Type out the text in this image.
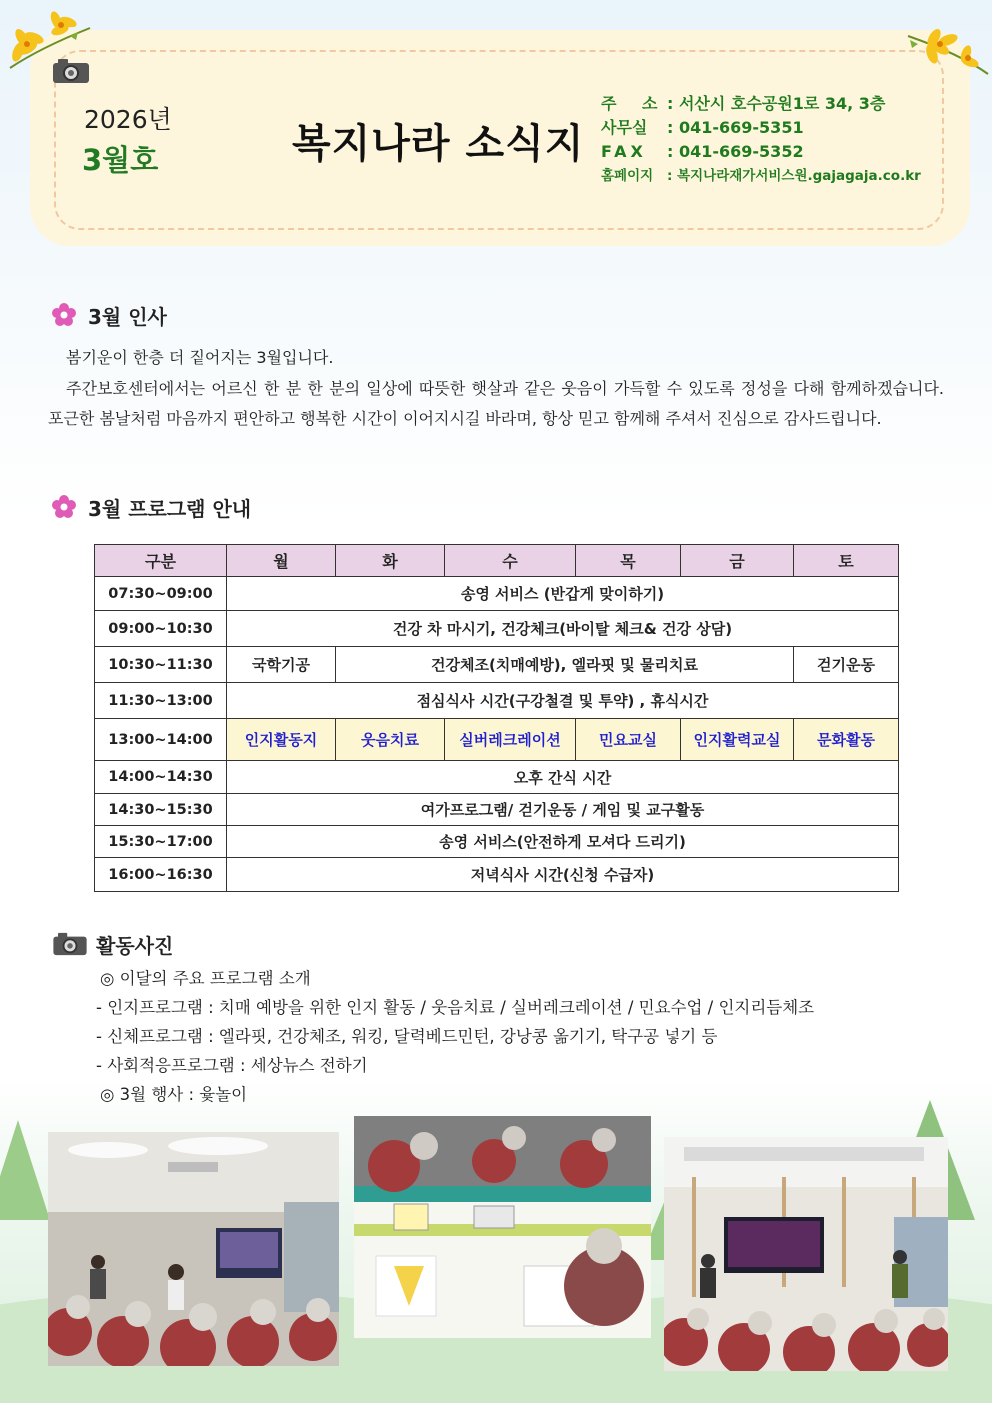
2026년
3월호	복지나라 소식지
주 소: 서산시 호수공원1로 34, 3층
사무실 : 041-669-5351
FAX : 041-669-5352
홈페이지 : 복지나라재가서비스원.gajagaja.co.kr
3월 인사

봄기운이 한층 더 짙어지는 3월입니다.

주간보호센터에서는 어르신 한 분 한 분의 일상에 따뜻한 햇살과 같은 웃음이 가득할 수 있도록 정성을 다해 함께하겠습니다. 포근한 봄날처럼 마음까지 편안하고 행복한 시간이 이어지시길 바라며, 항상 믿고 함께해 주셔서 진심으로 감사드립니다.

3월 프로그램 안내
구분	월	화	수	목	금	토
07:30~09:00	송영 서비스 (반갑게 맞이하기)					
09:00~10:30	건강 차 마시기, 건강체크(바이탈 체크& 건강 상담)					
10:30~11:30	국학기공	건강체조(치매예방), 엘라핏 및 물리치료				걷기운동
11:30~13:00	점심식사 시간(구강철결 및 투약) , 휴식시간					
13:00~14:00	인지활동지	웃음치료	실버레크레이션	민요교실	인지활력교실	문화활동
14:00~14:30	오후 간식 시간					
14:30~15:30	여가프로그램/ 걷기운동 / 게임 및 교구활동					
15:30~17:00	송영 서비스(안전하게 모셔다 드리기)					
16:00~16:30	저녁식사 시간(신청 수급자)					
활동사진
◎ 이달의 주요 프로그램 소개
- 인지프로그램 : 치매 예방을 위한 인지 활동 / 웃음치료 / 실버레크레이션 / 민요수업 / 인지리듬체조
- 신체프로그램 : 엘라핏, 건강체조, 워킹, 달력베드민턴, 강낭콩 옮기기, 탁구공 넣기 등
- 사회적응프로그램 : 세상뉴스 전하기
◎ 3월 행사 : 윷놀이
